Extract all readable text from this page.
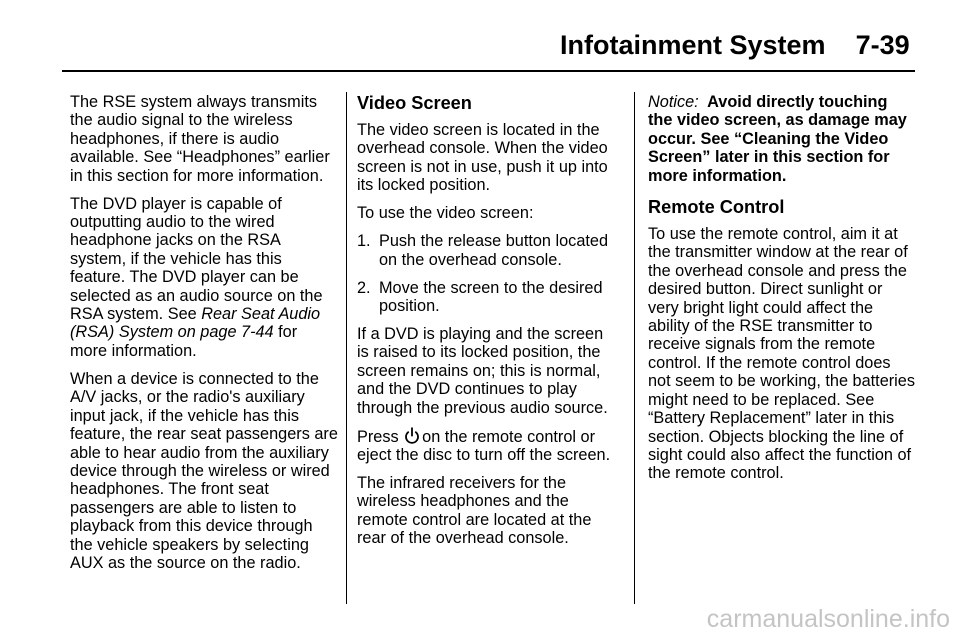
Infotainment System 7-39

The RSE system always transmits the audio signal to the wireless headphones, if there is audio available. See “Headphones” earlier in this section for more information.

The DVD player is capable of outputting audio to the wired headphone jacks on the RSA system, if the vehicle has this feature. The DVD player can be selected as an audio source on the RSA system. See Rear Seat Audio (RSA) System on page 7‑44 for more information.

When a device is connected to the A/V jacks, or the radio's auxiliary input jack, if the vehicle has this feature, the rear seat passengers are able to hear audio from the auxiliary device through the wireless or wired headphones. The front seat passengers are able to listen to playback from this device through the vehicle speakers by selecting AUX as the source on the radio.

Video Screen

The video screen is located in the overhead console. When the video screen is not in use, push it up into its locked position.

To use the video screen:

1. Push the release button located on the overhead console.
2. Move the screen to the desired position.

If a DVD is playing and the screen is raised to its locked position, the screen remains on; this is normal, and the DVD continues to play through the previous audio source.

Press on the remote control or eject the disc to turn off the screen.

The infrared receivers for the wireless headphones and the remote control are located at the rear of the overhead console.

Notice: Avoid directly touching the video screen, as damage may occur. See “Cleaning the Video Screen” later in this section for more information.

Remote Control

To use the remote control, aim it at the transmitter window at the rear of the overhead console and press the desired button. Direct sunlight or very bright light could affect the ability of the RSE transmitter to receive signals from the remote control. If the remote control does not seem to be working, the batteries might need to be replaced. See “Battery Replacement” later in this section. Objects blocking the line of sight could also affect the function of the remote control.

carmanualsonline.info
